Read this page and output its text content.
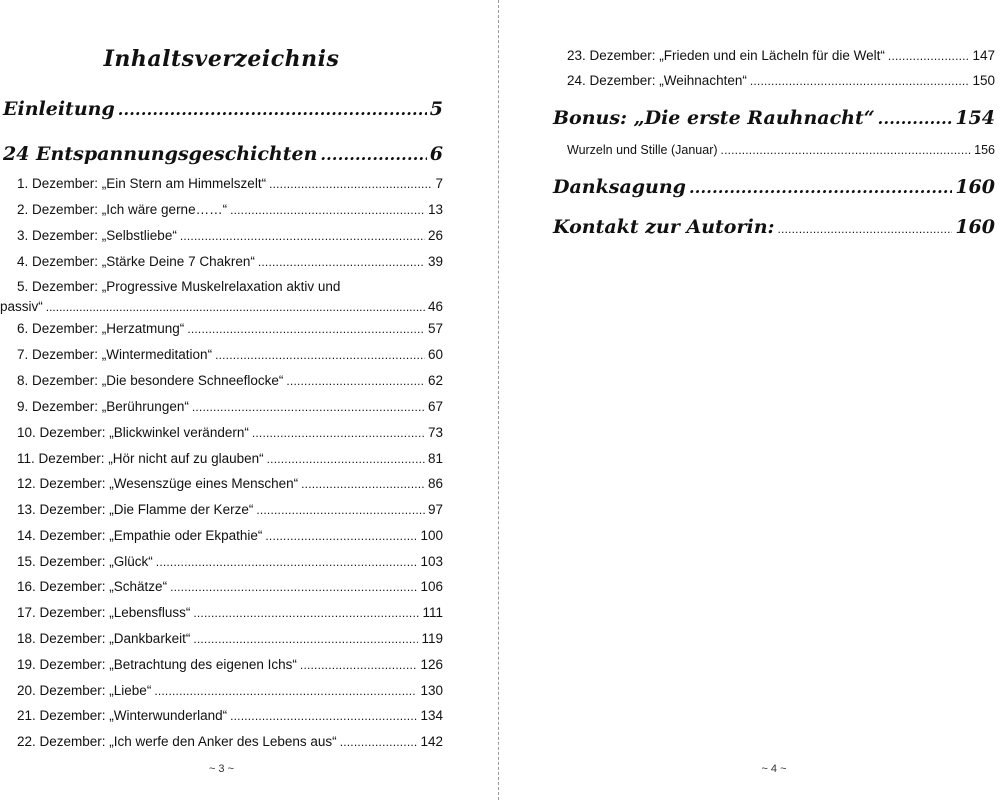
Inhaltsverzeichnis
Einleitung .....	5
24 Entspannungsgeschichten .....	6
1. Dezember: „Ein Stern am Himmelszelt“ .....	7
2. Dezember: „Ich wäre gerne……“ .....	13
3. Dezember: „Selbstliebe“ .....	26
4. Dezember: „Stärke Deine 7 Chakren“ .....	39
5. Dezember: „Progressive Muskelrelaxation aktiv und
passiv“ .....	46
6. Dezember: „Herzatmung“ .....	57
7. Dezember: „Wintermeditation“ .....	60
8. Dezember: „Die besondere Schneeflocke“ .....	62
9. Dezember: „Berührungen“ .....	67
10. Dezember: „Blickwinkel verändern“ .....	73
11. Dezember: „Hör nicht auf zu glauben“ .....	81
12. Dezember: „Wesenszüge eines Menschen“ .....	86
13. Dezember: „Die Flamme der Kerze“ .....	97
14. Dezember: „Empathie oder Ekpathie“ .....	100
15. Dezember: „Glück“ .....	103
16. Dezember: „Schätze“ .....	106
17. Dezember: „Lebensfluss“ .....	111
18. Dezember: „Dankbarkeit“ .....	119
19. Dezember: „Betrachtung des eigenen Ichs“ .....	126
20. Dezember: „Liebe“ .....	130
21. Dezember: „Winterwunderland“ .....	134
22. Dezember: „Ich werfe den Anker des Lebens aus“ .....	142
~ 3 ~
23. Dezember: „Frieden und ein Lächeln für die Welt“ .....	147
24. Dezember: „Weihnachten“ .....	150
Bonus: „Die erste Rauhnacht“ .....	154
Wurzeln und Stille (Januar) .....	156
Danksagung .....	160
Kontakt zur Autorin: .....	160
~ 4 ~
